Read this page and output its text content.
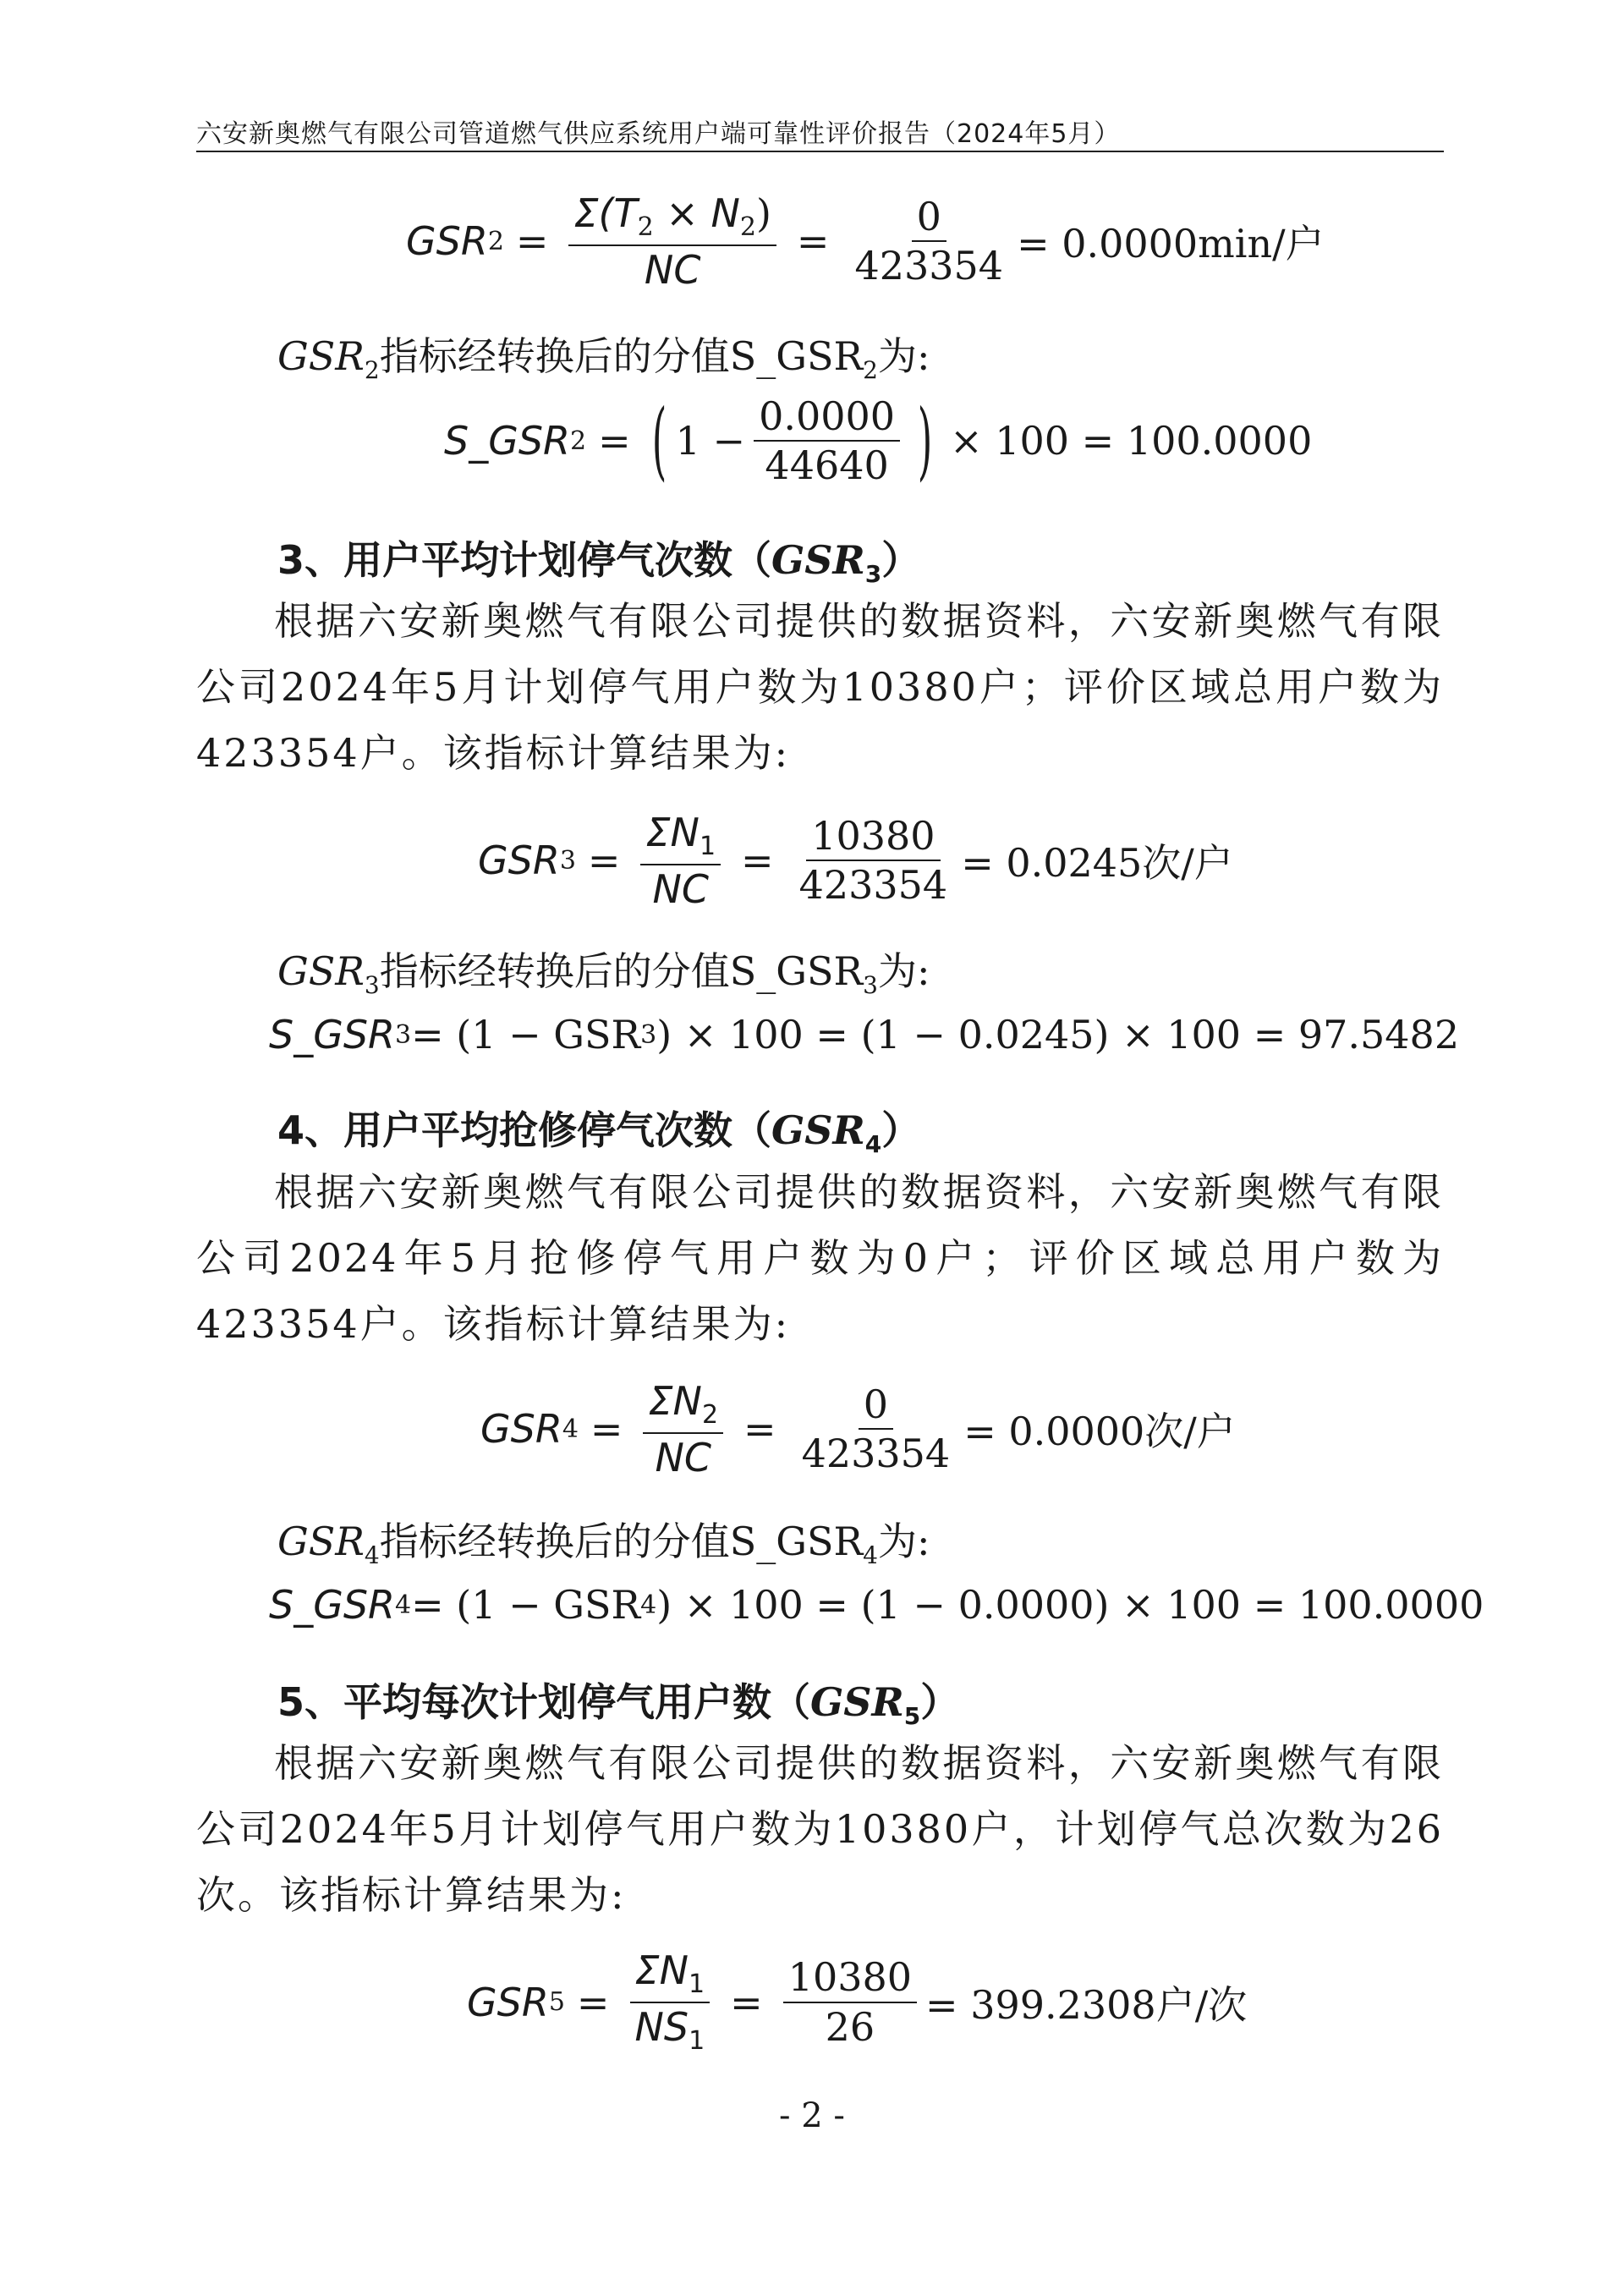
六安新奥燃气有限公司管道燃气供应系统用户端可靠性评价报告（2024年5月）
GSR $2 = \frac{\Sigma(T_2 \times N_2)}{NC} = \frac{0}{423354} = 0.0000\min/$户
$GSR_2$指标经转换后的分值$S\_GSR_2$为:
S_GSR 2 = ( $1 - \frac{0.0000}{44640}$ ) × 100 = 100.0000
3、用户平均计划停气次数$(GSR_3)$
根据六安新奥燃气有限公司提供的数据资料，六安新奥燃气有限公司2024年5月计划停气用户数为10380户；评价区域总用户数为423354户。该指标计算结果为:
GSR $3 = \frac{\Sigma N_1}{NC} = \frac{10380}{423354} = 0.0245$次/户
$GSR_3$指标经转换后的分值$S\_GSR_3$为:
S_GSR 3 = (1 − GSR 3 ) × 100 = (1 − 0.0245) × 100 = 97.5482
4、用户平均抢修停气次数$(GSR_4)$
根据六安新奥燃气有限公司提供的数据资料，六安新奥燃气有限公司2024年5月抢修停气用户数为0户；评价区域总用户数为423354户。该指标计算结果为:
GSR $4 = \frac{\Sigma N_2}{NC} = \frac{0}{423354} = 0.0000$次/户
$GSR_4$指标经转换后的分值$S\_GSR_4$为:
S_GSR 4 = (1 − GSR 4 ) × 100 = (1 − 0.0000) × 100 = 100.0000
5、平均每次计划停气用户数$(GSR_5)$
根据六安新奥燃气有限公司提供的数据资料，六安新奥燃气有限公司2024年5月计划停气用户数为10380户，计划停气总次数为26次。该指标计算结果为:
GSR $5 = \frac{\Sigma N_1}{NS_1} = \frac{10380}{26} = 399.2308$户/次
- 2 -
